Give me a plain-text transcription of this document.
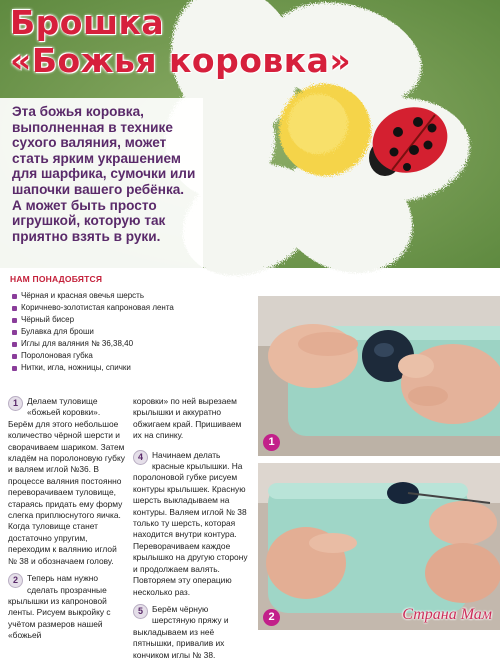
Брошка
«Божья коровка»

Эта божья коровка, выполненная в технике сухого валяния, может стать ярким украшением для шарфика, сумочки или шапочки вашего ребёнка. А может быть просто игрушкой, которую так приятно взять в руки.

НАМ ПОНАДОБЯТСЯ
Чёрная и красная овечья шерсть
Коричнево-золотистая капроновая лента
Чёрный бисер
Булавка для броши
Иглы для валяния № 36,38,40
Поролоновая губка
Нитки, игла, ножницы, спички
1	Делаем туловище «божьей коровки». Берём для этого небольшое количество чёрной шерсти и сворачиваем шариком. Затем кладём на поролоновую губку и валяем иглой №36. В процессе валяния постоянно переворачиваем туловище, стараясь придать ему форму слегка приплюснутого яичка. Когда туловище станет достаточно упругим, переходим к валянию иглой № 38 и обозначаем голову.
2	Теперь нам нужно сделать прозрачные крылышки из капроновой ленты. Рисуем выкройку с учётом размеров нашей «божьей
коровки» по ней вырезаем крылышки и аккуратно обжигаем край. Пришиваем их на спинку.
4	Начинаем делать красные крылышки. На поролоновой губке рисуем контуры крылышек. Красную шерсть выкладываем на контуры. Валяем иглой № 38 только ту шерсть, которая находится внутри контура. Переворачиваем каждое крылышко на другую сторону и продолжаем валять. Повторяем эту операцию несколько раз.
5	Берём чёрную шерстяную пряжу и выкладываем из неё пятнышки, привалив их кончиком иглы № 38.
1
2	Страна Мам
